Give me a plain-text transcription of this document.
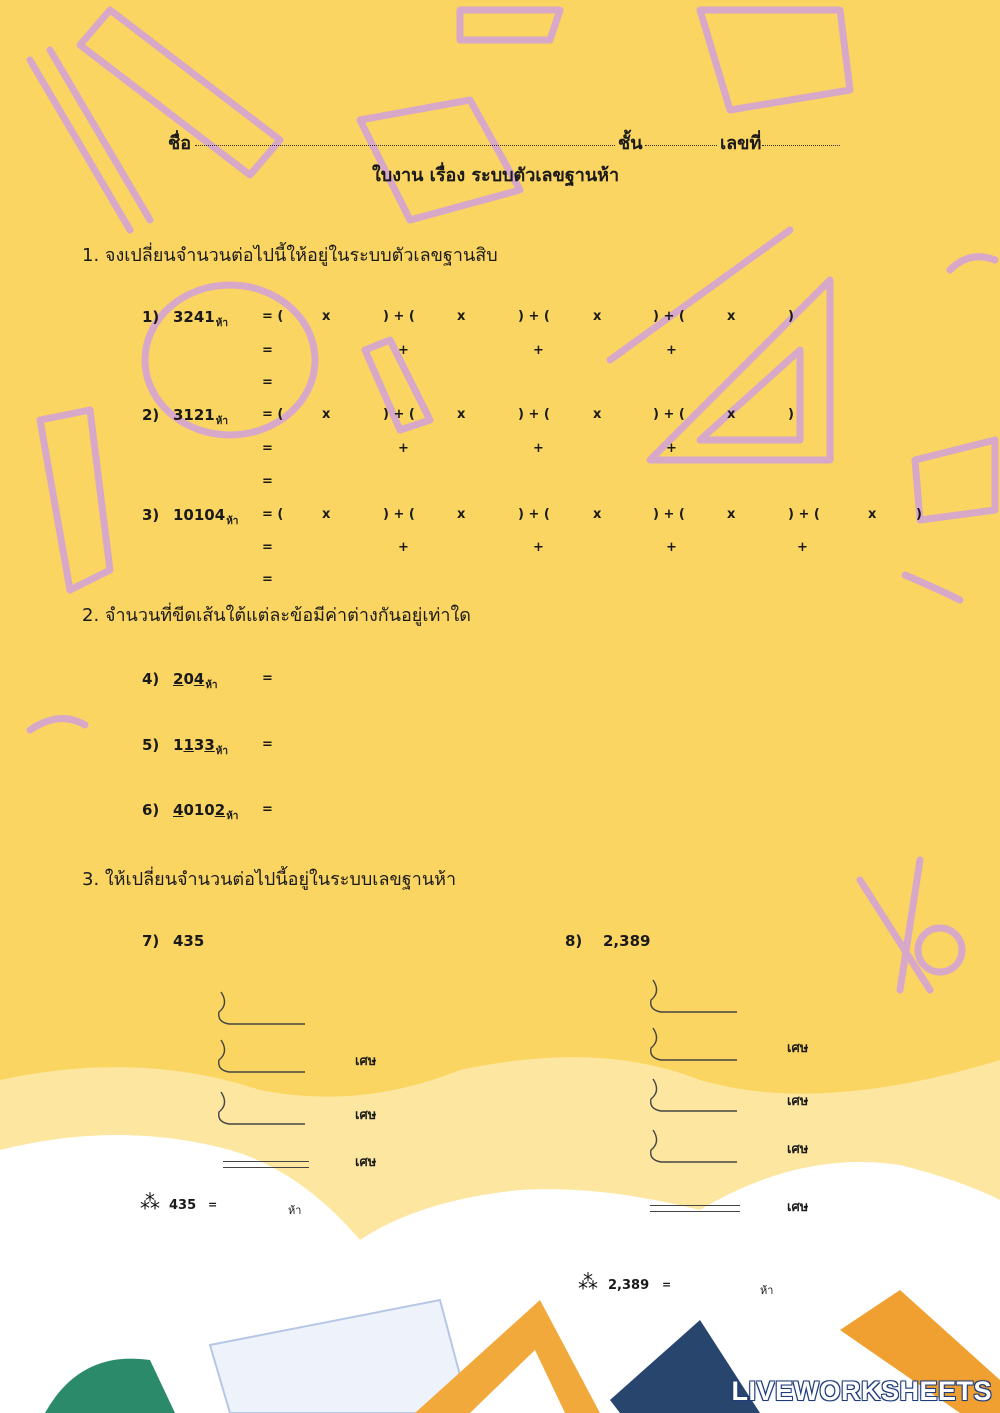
ชื่อ	ชั้น	เลขที่
ใบงาน เรื่อง ระบบตัวเลขฐานห้า
1. จงเปลี่ยนจำนวนต่อไปนี้ให้อยู่ในระบบตัวเลขฐานสิบ
1) $3241_{ห้า}$	= (	x	) + (	x	) + (	x	) + (	x	)
=	+	+	+
=
2) $3121_{ห้า}$	= (	x	) + (	x	) + (	x	) + (	x	)
=	+	+	+
=
3) $10104_{ห้า}$ = (	x	) + (	x	) + (	x	) + (	x	) + (	x	)
=	+	+	+	+
=
2. จำนวนที่ขีดเส้นใต้แต่ละข้อมีค่าต่างกันอยู่เท่าใด
4) $204_{ห้า}$	=
5) $1133_{ห้า}$	=
6) $40102_{ห้า}$ =
3. ให้เปลี่ยนจำนวนต่อไปนี้อยู่ในระบบเลขฐานห้า
7) 435	8) 2,389
เศษ
เศษ
เศษ
⁂ 435 =	ห้า
เศษ
เศษ
เศษ
เศษ
⁂ 2,389 =	ห้า
LIVEWORKSHEETS
